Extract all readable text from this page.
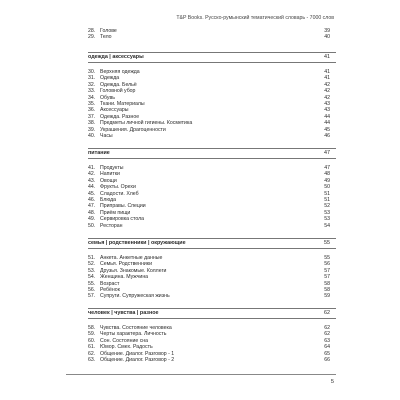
T&P Books. Русско-румынский тематический словарь - 7000 слов
28. Голове	39
29. Тело	40
одежда | аксессуары	41
30. Верхняя одежда	41
31. Одежда	41
32. Одежда. Бельё	42
33. Головной убор	42
34. Обувь	42
35. Ткани. Материалы	43
36. Аксессуары	43
37. Одежда. Разное	44
38. Предметы личной гигиены. Косметика	44
39. Украшения. Драгоценности	45
40. Часы	46
питание	47
41. Продукты	47
42. Напитки	48
43. Овощи	49
44. Фрукты. Орехи	50
45. Сладости. Хлеб	51
46. Блюда	51
47. Приправы. Специи	52
48. Приём пищи	53
49. Сервировка стола	53
50. Ресторан	54
семья | родственники | окружающие	55
51. Анкета. Анкетные данные	55
52. Семья. Родственники	56
53. Друзья. Знакомые. Коллеги	57
54. Женщина. Мужчина	57
55. Возраст	58
56. Ребёнок	58
57. Супруги. Супружеская жизнь	59
человек | чувства | разное	62
58. Чувства. Состояние человека	62
59. Черты характера. Личность	62
60. Сон. Состояние сна	63
61. Юмор. Смех. Радость	64
62. Общение. Диалог. Разговор - 1	65
63. Общение. Диалог. Разговор - 2	66
5
